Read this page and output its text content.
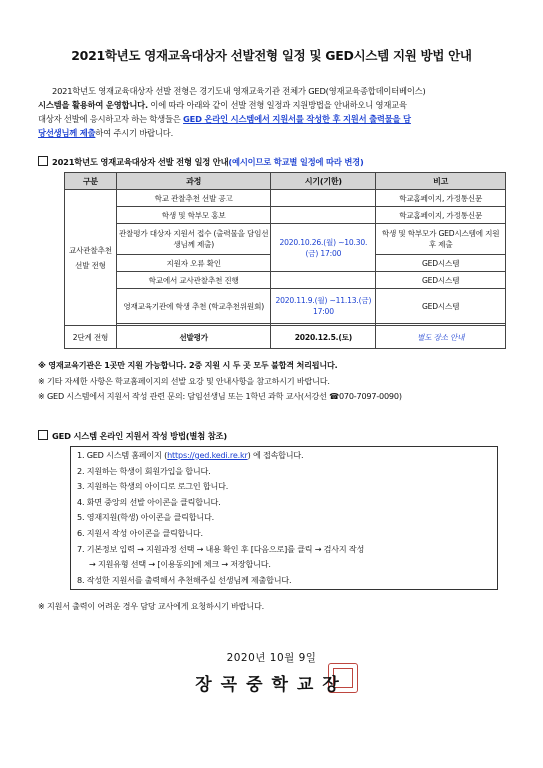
2021학년도 영재교육대상자 선발전형 일정 및 GED시스템 지원 방법 안내
2021학년도 영재교육대상자 선발 전형은 경기도내 영재교육기관 전체가 GED(영재교육종합데이터베이스)
시스템을 활용하여 운영합니다. 이에 따라 아래와 같이 선발 전형 일정과 지원방법을 안내하오니 영재교육
대상자 선발에 응시하고자 하는 학생들은 GED 온라인 시스템에서 지원서를 작성한 후 지원서 출력물을 담
당선생님께 제출하여 주시기 바랍니다.
2021학년도 영재교육대상자 선발 전형 일정 안내(예시이므로 학교별 일정에 따라 변경)
구분	과정	시기(기한)	비고
교사관찰추천 선발 전형	학교 관찰추천 선발 공고		학교홈페이지, 가정통신문
	학생 및 학부모 홍보		학교홈페이지, 가정통신문
	관찰평가 대상자 지원서 접수 (출력물을 담임선생님께 제출)	2020.10.26.(월) ~10.30.(금) 17:00	학생 및 학부모가 GED시스템에 지원 후 제출
	지원자 오류 확인		GED시스템
	학교에서 교사관찰추천 진행		GED시스템
	영재교육기관에 학생 추천 (학교추천위원회)	2020.11.9.(월) ~11.13.(금) 17:00	GED시스템

2단계 전형	선발평가	2020.12.5.(토)	별도 장소 안내
※ 영재교육기관은 1곳만 지원 가능합니다. 2중 지원 시 두 곳 모두 불합격 처리됩니다.
※ 기타 자세한 사항은 학교홈페이지의 선발 요강 및 안내사항을 참고하시기 바랍니다.
※ GED 시스템에서 지원서 작성 관련 문의: 담임선생님 또는 1학년 과학 교사(서강선 ☎070-7097-0090)
GED 시스템 온라인 지원서 작성 방법(별첨 참조)
1. GED 시스템 홈페이지 (https://ged.kedi.re.kr) 에 접속합니다.
2. 지원하는 학생이 회원가입을 합니다.
3. 지원하는 학생의 아이디로 로그인 합니다.
4. 화면 중앙의 선발 아이콘을 클릭합니다.
5. 영재지원(학생) 아이콘을 클릭합니다.
6. 지원서 작성 아이콘을 클릭합니다.
7. 기본정보 입력 → 지원과정 선택 → 내용 확인 후 [다음으로]를 클릭 → 검사지 작성
→ 지원유형 선택 → [이용동의]에 체크 → 저장합니다.
8. 작성한 지원서를 출력해서 추천해주실 선생님께 제출합니다.
※ 지원서 출력이 어려운 경우 담당 교사에게 요청하시기 바랍니다.
2020년 10월 9일
장곡중학교장
